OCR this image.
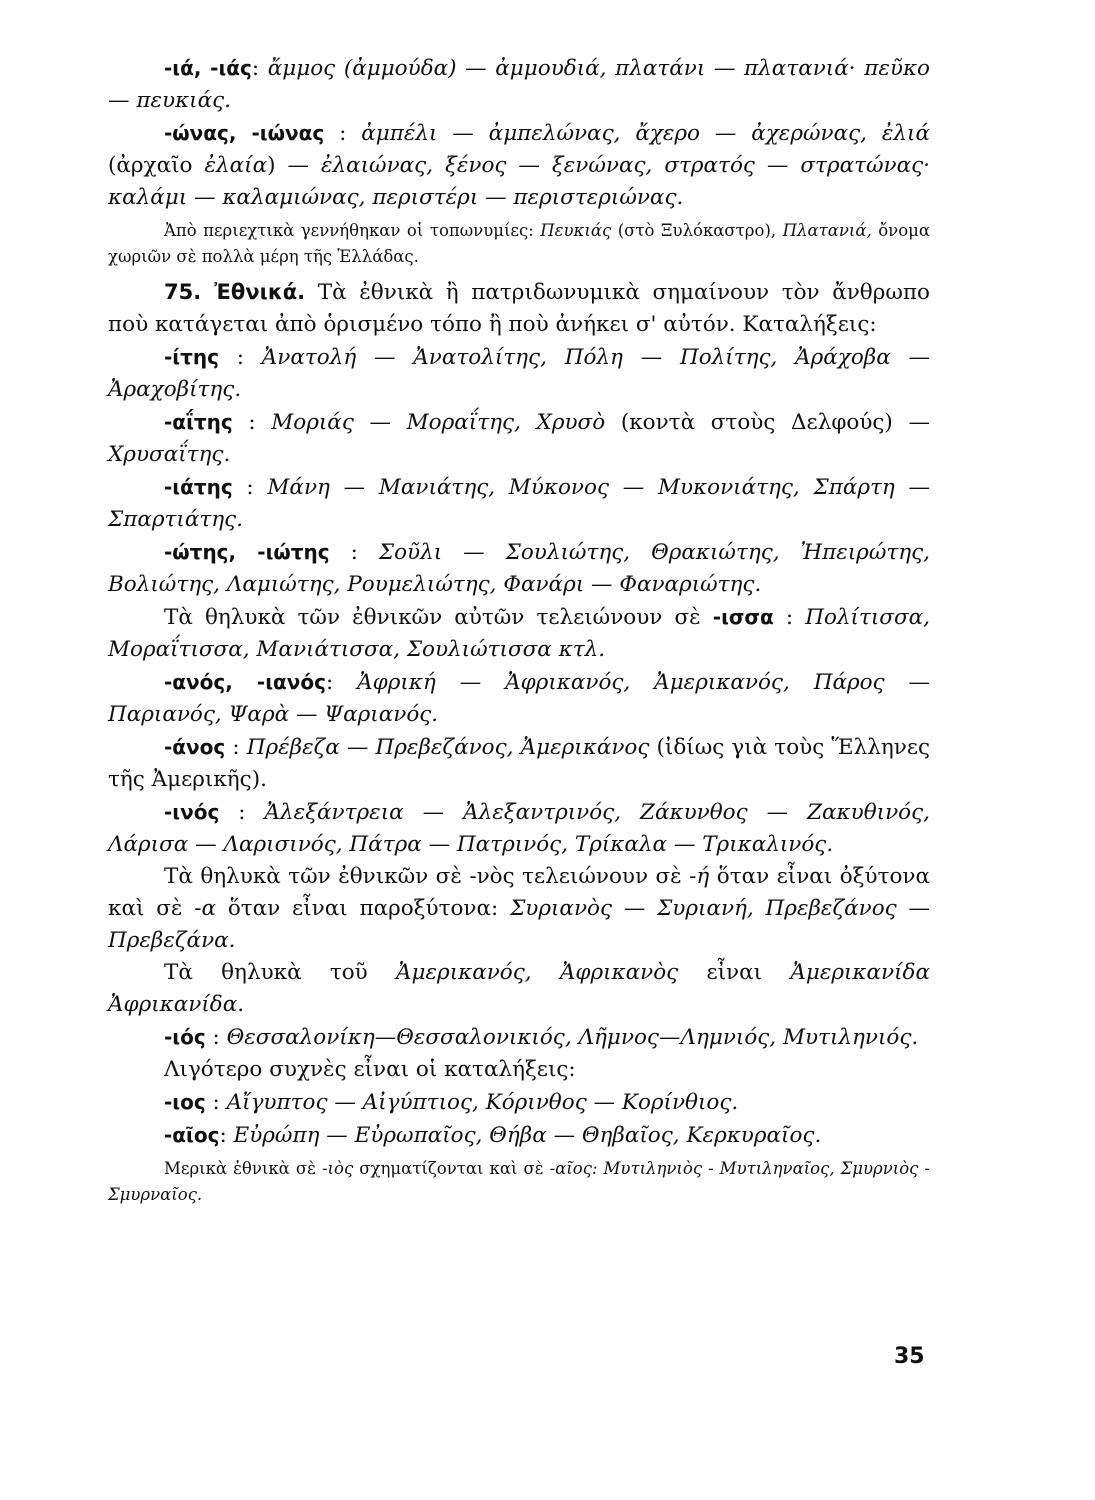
-ιά, -ιάς: ἄμμος (ἀμμούδα) — ἀμμουδιά, πλατάνι — πλατανιά· πεῦκο — πευκιάς.

-ώνας, -ιώνας : ἀμπέλι — ἀμπελώνας, ἄχερο — ἀχερώνας, ἐλιά (ἀρχαῖο ἐλαία) — ἐλαιώνας, ξένος — ξενώνας, στρατός — στρατώνας· καλάμι — καλαμιώνας, περιστέρι — περιστεριώνας.

Ἀπὸ περιεχτικὰ γεννήθηκαν οἱ τοπωνυμίες: Πευκιάς (στὸ Ξυλόκαστρο), Πλατανιά, ὄνομα χωριῶν σὲ πολλὰ μέρη τῆς Ἑλλάδας.

75. Ἐθνικά. Τὰ ἐθνικὰ ἢ πατριδωνυμικὰ σημαίνουν τὸν ἄνθρωπο ποὺ κατάγεται ἀπὸ ὁρισμένο τόπο ἢ ποὺ ἀνήκει σ' αὐτόν. Καταλήξεις:

-ίτης : Ἀνατολή — Ἀνατολίτης, Πόλη — Πολίτης, Ἀράχοβα — Ἀραχοβίτης.

-αΐτης : Μοριάς — Μοραΐτης, Χρυσὸ (κοντὰ στοὺς Δελφούς) — Χρυσαΐτης.

-ιάτης : Μάνη — Μανιάτης, Μύκονος — Μυκονιάτης, Σπάρτη — Σπαρτιάτης.

-ώτης, -ιώτης : Σοῦλι — Σουλιώτης, Θρακιώτης, Ἠπειρώτης, Βολιώτης, Λαμιώτης, Ρουμελιώτης, Φανάρι — Φαναριώτης.

Τὰ θηλυκὰ τῶν ἐθνικῶν αὐτῶν τελειώνουν σὲ -ισσα : Πολίτισσα, Μοραΐτισσα, Μανιάτισσα, Σουλιώτισσα κτλ.

-ανός, -ιανός: Ἀφρική — Ἀφρικανός, Ἀμερικανός, Πάρος — Παριανός, Ψαρὰ — Ψαριανός.

-άνος : Πρέβεζα — Πρεβεζάνος, Ἀμερικάνος (ἰδίως γιὰ τοὺς Ἕλληνες τῆς Ἀμερικῆς).

-ινός : Ἀλεξάντρεια — Ἀλεξαντρινός, Ζάκυνθος — Ζακυθινός, Λάρισα — Λαρισινός, Πάτρα — Πατρινός, Τρίκαλα — Τρικαλινός.

Τὰ θηλυκὰ τῶν ἐθνικῶν σὲ -νὸς τελειώνουν σὲ -ή ὅταν εἶναι ὀξύτονα καὶ σὲ -α ὅταν εἶναι παροξύτονα: Συριανὸς — Συριανή, Πρεβεζάνος — Πρεβεζάνα.

Τὰ θηλυκὰ τοῦ Ἀμερικανός, Ἀφρικανὸς εἶναι Ἀμερικανίδα Ἀφρικανίδα.

-ιός : Θεσσαλονίκη—Θεσσαλονικιός, Λῆμνος—Λημνιός, Μυτιληνιός.

Λιγότερο συχνὲς εἶναι οἱ καταλήξεις:

-ιος : Αἴγυπτος — Αἰγύπτιος, Κόρινθος — Κορίνθιος.

-αῖος: Εὐρώπη — Εὐρωπαῖος, Θήβα — Θηβαῖος, Κερκυραῖος.

Μερικὰ ἐθνικὰ σὲ -ιὸς σχηματίζονται καὶ σὲ -αῖος: Μυτιληνιὸς - Μυτιληναῖος, Σμυρνιὸς - Σμυρναῖος.

35
